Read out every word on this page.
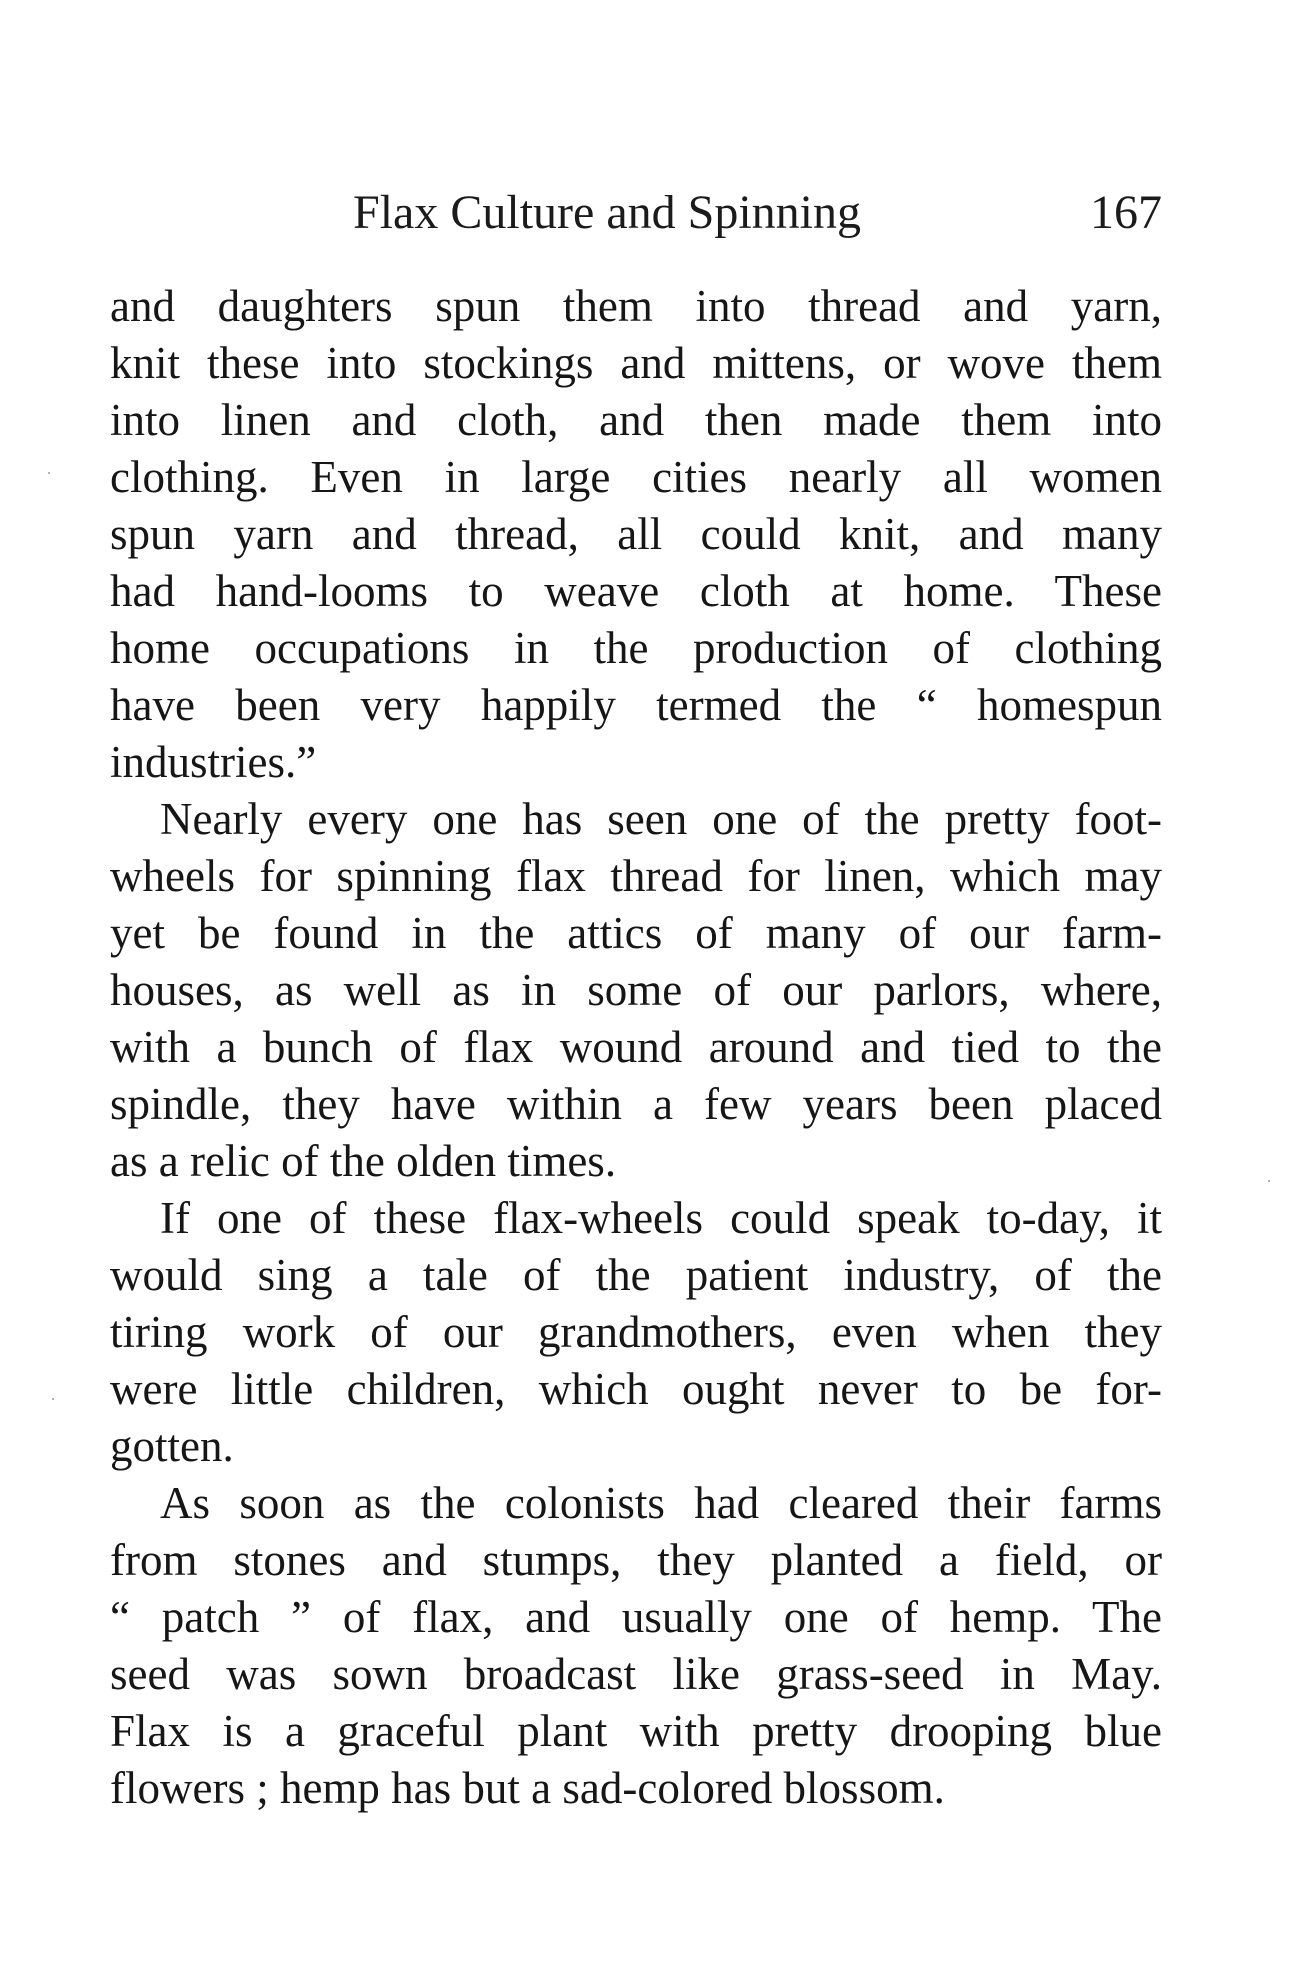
Flax Culture and Spinning	167
and daughters spun them into thread and yarn,
knit these into stockings and mittens, or wove them
into linen and cloth, and then made them into
clothing. Even in large cities nearly all women
spun yarn and thread, all could knit, and many
had hand-looms to weave cloth at home. These
home occupations in the production of clothing
have been very happily termed the “ homespun
industries.”
Nearly every one has seen one of the pretty foot-
wheels for spinning flax thread for linen, which may
yet be found in the attics of many of our farm-
houses, as well as in some of our parlors, where,
with a bunch of flax wound around and tied to the
spindle, they have within a few years been placed
as a relic of the olden times.
If one of these flax-wheels could speak to-day, it
would sing a tale of the patient industry, of the
tiring work of our grandmothers, even when they
were little children, which ought never to be for-
gotten.
As soon as the colonists had cleared their farms
from stones and stumps, they planted a field, or
“ patch ” of flax, and usually one of hemp. The
seed was sown broadcast like grass-seed in May.
Flax is a graceful plant with pretty drooping blue
flowers ; hemp has but a sad-colored blossom.
